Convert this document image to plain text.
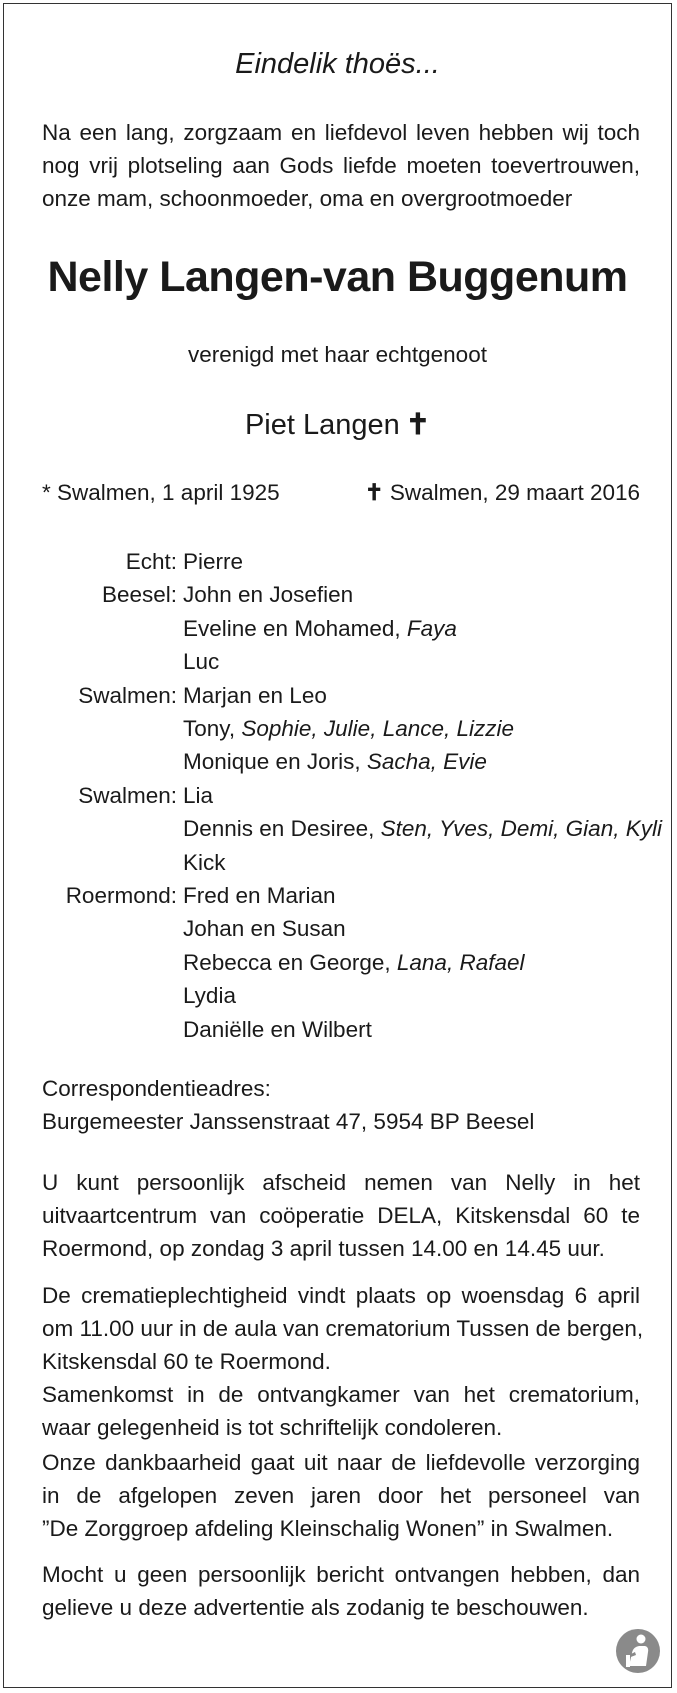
Eindelik thoës...
Na een lang, zorgzaam en liefdevol leven hebben wij toch
nog vrij plotseling aan Gods liefde moeten toevertrouwen,
onze mam, schoonmoeder, oma en overgrootmoeder
Nelly Langen-van Buggenum
verenigd met haar echtgenoot
Piet Langen ✝
* Swalmen, 1 april 1925	✝ Swalmen, 29 maart 2016
Echt: Pierre
Beesel: John en Josefien
Eveline en Mohamed, Faya
Luc
Swalmen: Marjan en Leo
Tony, Sophie, Julie, Lance, Lizzie
Monique en Joris, Sacha, Evie
Swalmen: Lia
Dennis en Desiree, Sten, Yves, Demi, Gian, Kyli
Kick
Roermond: Fred en Marian
Johan en Susan
Rebecca en George, Lana, Rafael
Lydia
Daniëlle en Wilbert
Correspondentieadres:
Burgemeester Janssenstraat 47, 5954 BP Beesel
U kunt persoonlijk afscheid nemen van Nelly in het
uitvaartcentrum van coöperatie DELA, Kitskensdal 60 te
Roermond, op zondag 3 april tussen 14.00 en 14.45 uur.
De crematieplechtigheid vindt plaats op woensdag 6 april
om 11.00 uur in de aula van crematorium Tussen de bergen,
Kitskensdal 60 te Roermond.
Samenkomst in de ontvangkamer van het crematorium,
waar gelegenheid is tot schriftelijk condoleren.
Onze dankbaarheid gaat uit naar de liefdevolle verzorging
in de afgelopen zeven jaren door het personeel van
”De Zorggroep afdeling Kleinschalig Wonen” in Swalmen.
Mocht u geen persoonlijk bericht ontvangen hebben, dan
gelieve u deze advertentie als zodanig te beschouwen.
